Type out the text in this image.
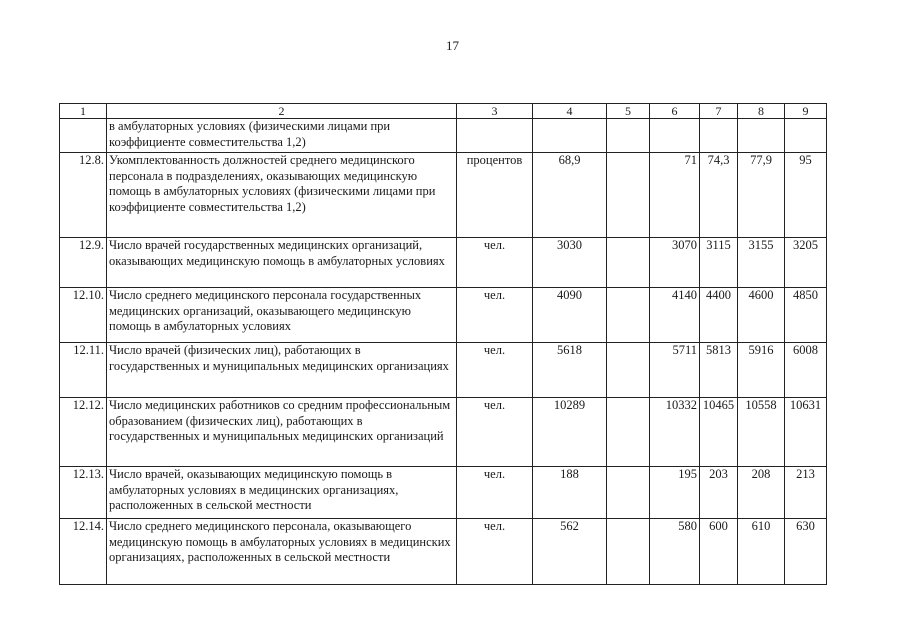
17
1	2	3	4	5	6	7	8	9
	в амбулаторных условиях (физическими лицами при коэффициенте совместительства 1,2)							
12.8.	Укомплектованность должностей среднего медицинского персонала в подразделениях, оказывающих медицинскую помощь в амбулаторных условиях (физическими лицами при коэффициенте совместительства 1,2)	процентов	68,9		71	74,3	77,9	95
12.9.	Число врачей государственных медицинских организаций, оказывающих медицинскую помощь в амбулаторных условиях	чел.	3030		3070	3115	3155	3205
12.10.	Число среднего медицинского персонала государственных медицинских организаций, оказывающего медицинскую помощь в амбулаторных условиях	чел.	4090		4140	4400	4600	4850
12.11.	Число врачей (физических лиц), работающих в государственных и муниципальных медицинских организациях	чел.	5618		5711	5813	5916	6008
12.12.	Число медицинских работников со средним профессиональным образованием (физических лиц), работающих в государственных и муниципальных медицинских организаций	чел.	10289		10332	10465	10558	10631
12.13.	Число врачей, оказывающих медицинскую помощь в амбулаторных условиях в медицинских организациях, расположенных в сельской местности	чел.	188		195	203	208	213
12.14.	Число среднего медицинского персонала, оказывающего медицинскую помощь в амбулаторных условиях в медицинских организациях, расположенных в сельской местности	чел.	562		580	600	610	630
